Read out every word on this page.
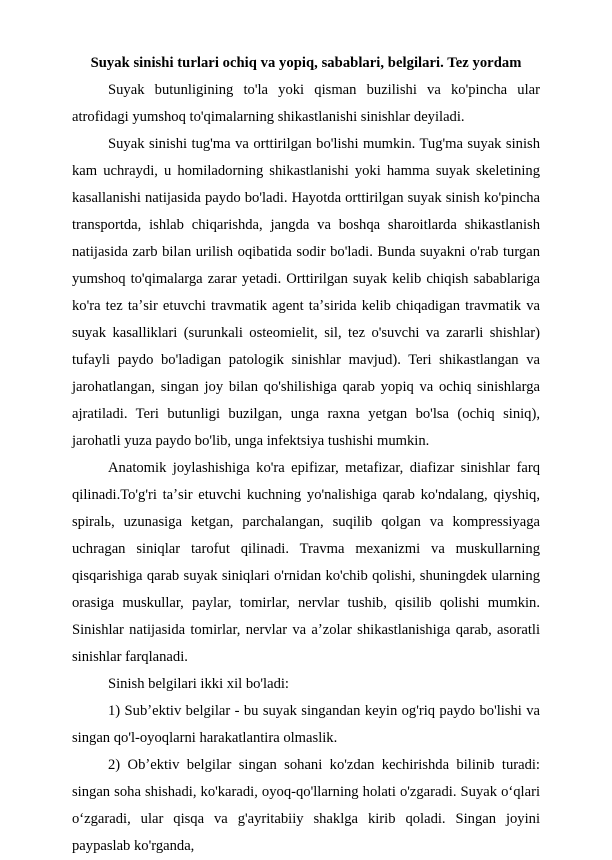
Suyak sinishi turlari ochiq va yopiq, sabablari, belgilari. Tez yordam

Suyak butunligining to'la yoki qisman buzilishi va ko'pincha ular atrofidagi yumshoq to'qimalarning shikastlanishi sinishlar deyiladi.

Suyak sinishi tug'ma va orttirilgan bo'lishi mumkin. Tug'ma suyak sinish kam uchraydi, u homiladorning shikastlanishi yoki hamma suyak skeletining kasallanishi natijasida paydo bo'ladi. Hayotda orttirilgan suyak sinish ko'pincha transportda, ishlab chiqarishda, jangda va boshqa sharoitlarda shikastlanish natijasida zarb bilan urilish oqibatida sodir bo'ladi. Bunda suyakni o'rab turgan yumshoq to'qimalarga zarar yetadi. Orttirilgan suyak kelib chiqish sabablariga ko'ra tez taʼsir etuvchi travmatik agent taʼsirida kelib chiqadigan travmatik va suyak kasalliklari (surunkali osteomielit, sil, tez o'suvchi va zararli shishlar) tufayli paydo bo'ladigan patologik sinishlar mavjud). Teri shikastlangan va jarohatlangan, singan joy bilan qo'shilishiga qarab yopiq va ochiq sinishlarga ajratiladi. Teri butunligi buzilgan, unga raxna yetgan bo'lsa (ochiq siniq), jarohatli yuza paydo bo'lib, unga infektsiya tushishi mumkin.

Anatomik joylashishiga ko'ra epifizar, metafizar, diafizar sinishlar farq qilinadi.To'g'ri taʼsir etuvchi kuchning yo'nalishiga qarab ko'ndalang, qiyshiq, spiralь, uzunasiga ketgan, parchalangan, suqilib qolgan va kompressiyaga uchragan siniqlar tarofut qilinadi. Travma mexanizmi va muskullarning qisqarishiga qarab suyak siniqlari o'rnidan ko'chib qolishi, shuningdek ularning orasiga muskullar, paylar, tomirlar, nervlar tushib, qisilib qolishi mumkin. Sinishlar natijasida tomirlar, nervlar va aʼzolar shikastlanishiga qarab, asoratli sinishlar farqlanadi.

Sinish belgilari ikki xil bo'ladi:

1) Subʼektiv belgilar - bu suyak singandan keyin og'riq paydo bo'lishi va singan qo'l-oyoqlarni harakatlantira olmaslik.

2) Obʼektiv belgilar singan sohani ko'zdan kechirishda bilinib turadi: singan soha shishadi, ko'karadi, oyoq-qo'llarning holati o'zgaradi. Suyak oʻqlari oʻzgaradi, ular qisqa va g'ayritabiiy shaklga kirib qoladi. Singan joyini paypaslab ko'rganda,
